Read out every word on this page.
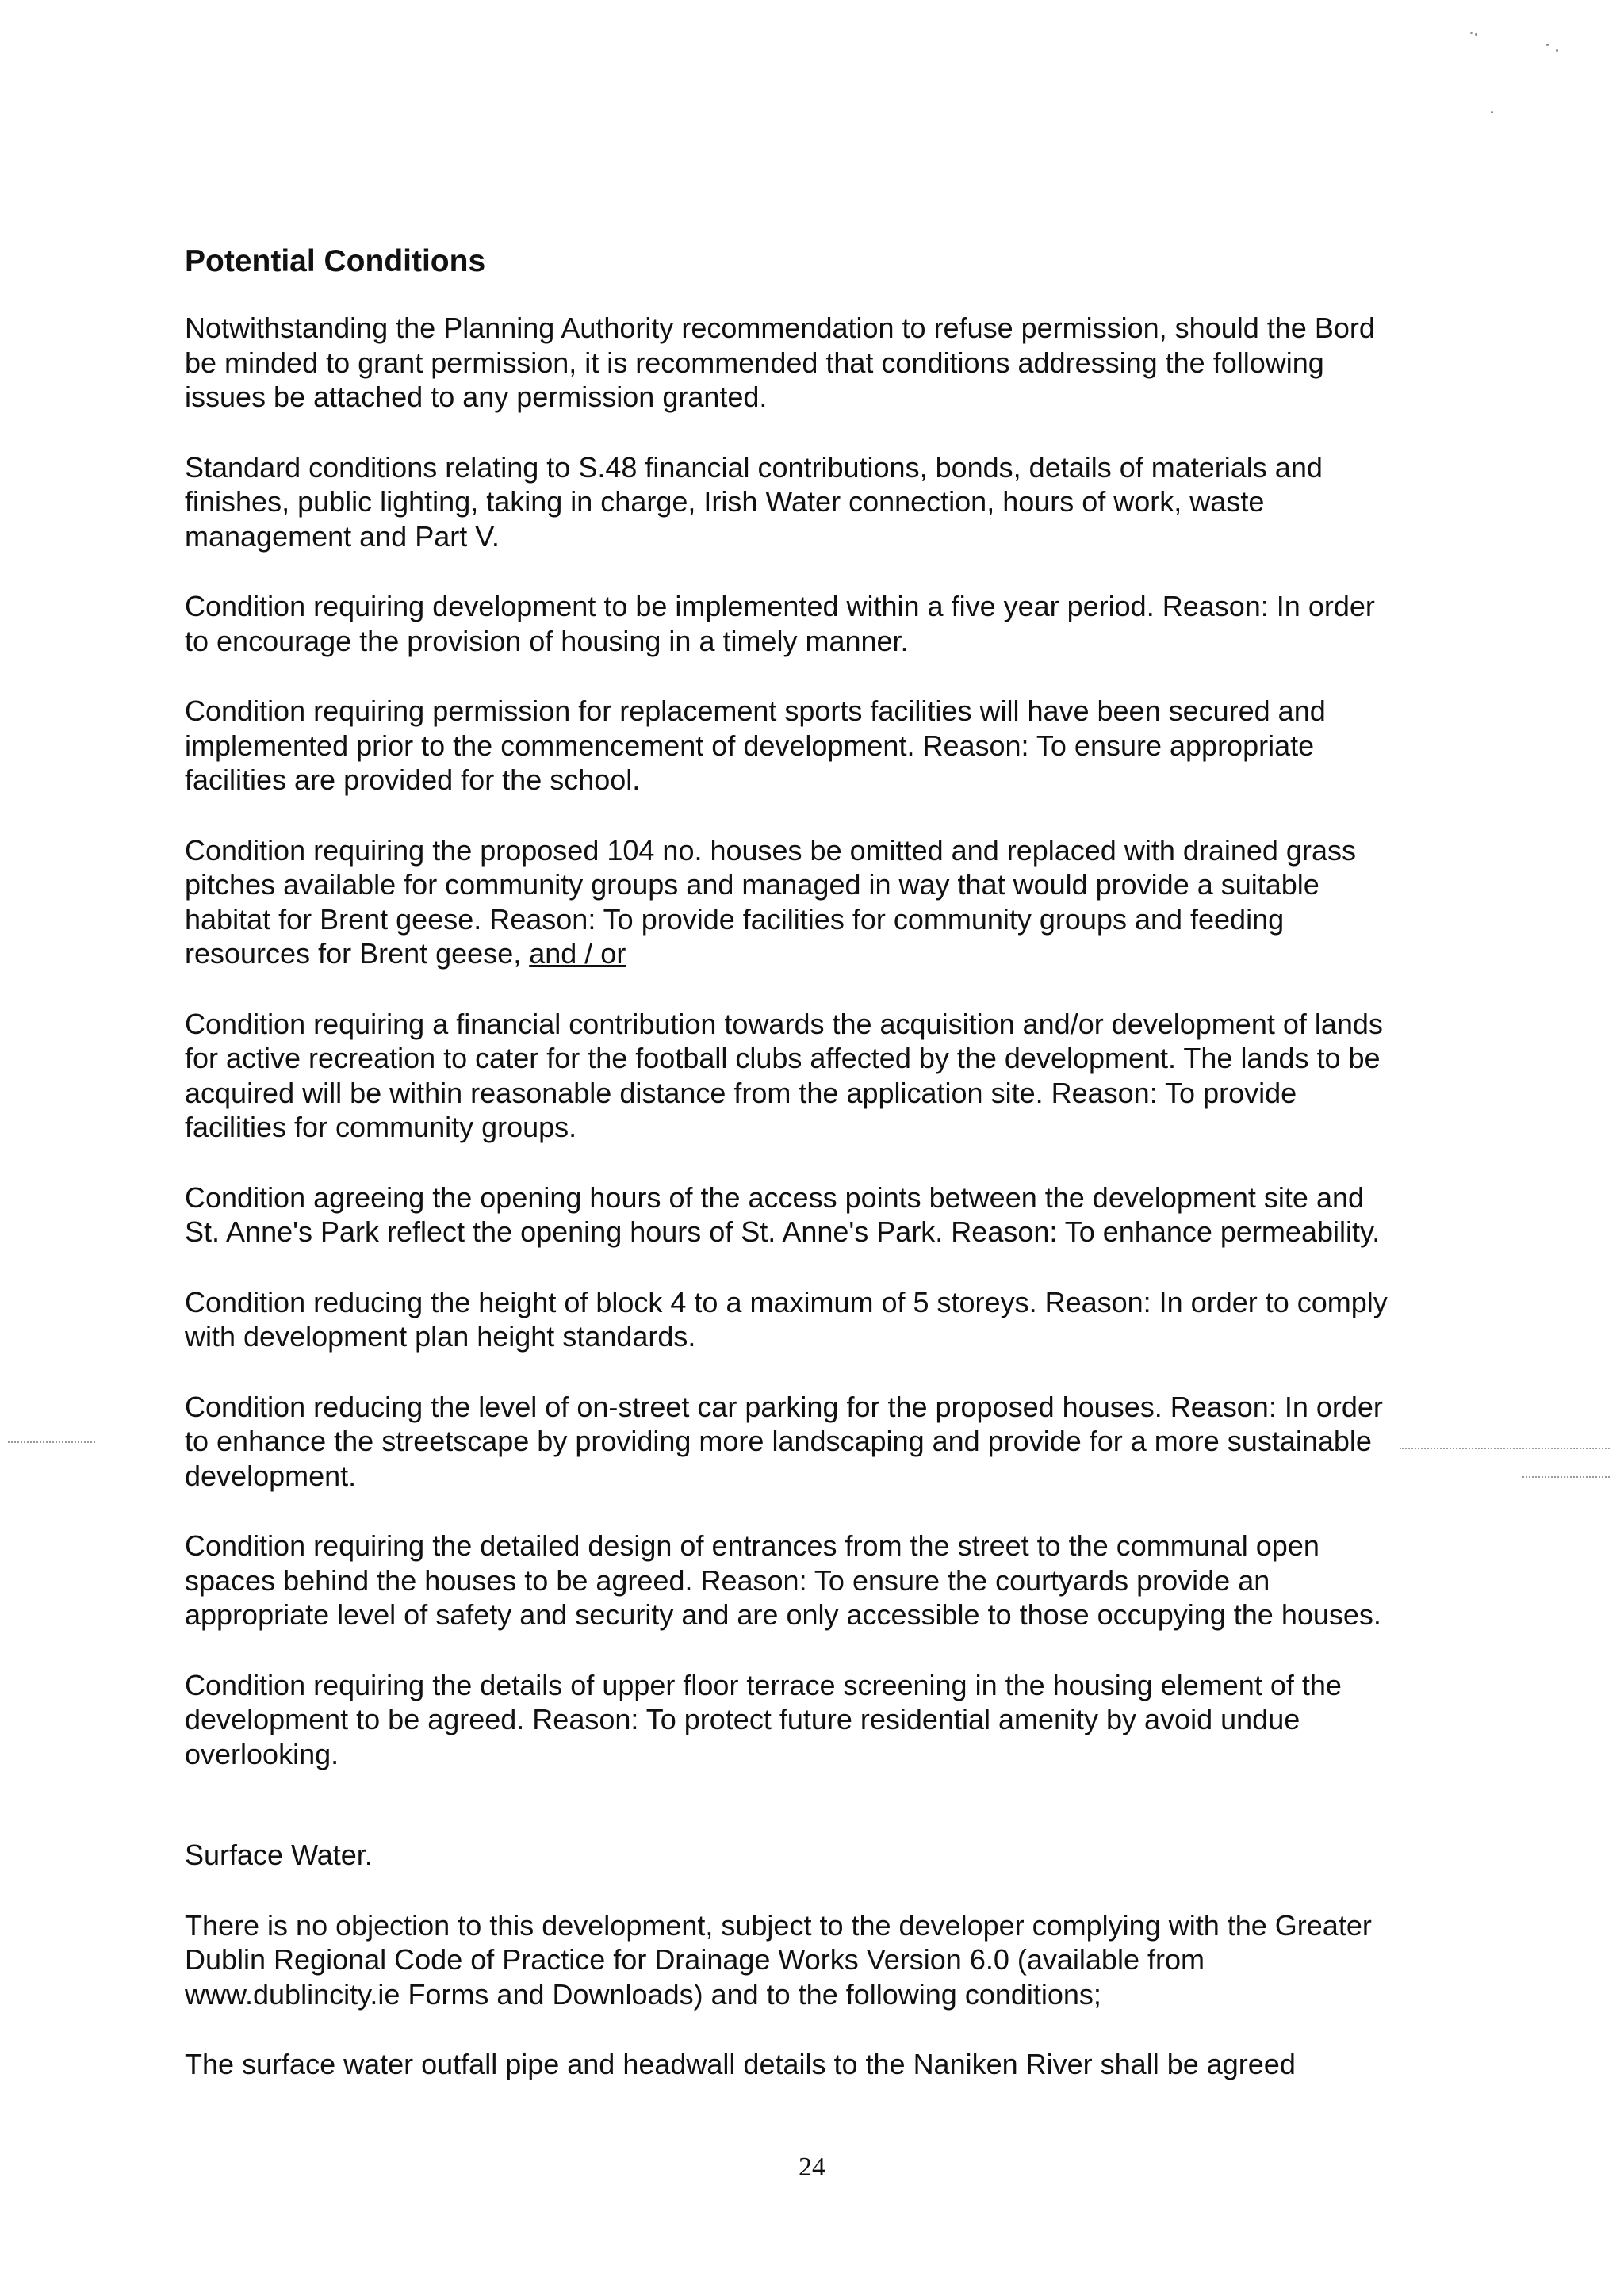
Potential Conditions

Notwithstanding the Planning Authority recommendation to refuse permission, should the Bord be minded to grant permission, it is recommended that conditions addressing the following issues be attached to any permission granted.

Standard conditions relating to S.48 financial contributions, bonds, details of materials and finishes, public lighting, taking in charge, Irish Water connection, hours of work, waste management and Part V.

Condition requiring development to be implemented within a five year period. Reason: In order to encourage the provision of housing in a timely manner.

Condition requiring permission for replacement sports facilities will have been secured and implemented prior to the commencement of development. Reason: To ensure appropriate facilities are provided for the school.

Condition requiring the proposed 104 no. houses be omitted and replaced with drained grass pitches available for community groups and managed in way that would provide a suitable habitat for Brent geese. Reason: To provide facilities for community groups and feeding resources for Brent geese, and / or

Condition requiring a financial contribution towards the acquisition and/or development of lands for active recreation to cater for the football clubs affected by the development. The lands to be acquired will be within reasonable distance from the application site. Reason: To provide facilities for community groups.

Condition agreeing the opening hours of the access points between the development site and St. Anne's Park reflect the opening hours of St. Anne's Park. Reason: To enhance permeability.

Condition reducing the height of block 4 to a maximum of 5 storeys. Reason: In order to comply with development plan height standards.

Condition reducing the level of on-street car parking for the proposed houses. Reason: In order to enhance the streetscape by providing more landscaping and provide for a more sustainable development.

Condition requiring the detailed design of entrances from the street to the communal open spaces behind the houses to be agreed. Reason: To ensure the courtyards provide an appropriate level of safety and security and are only accessible to those occupying the houses.

Condition requiring the details of upper floor terrace screening in the housing element of the development to be agreed. Reason: To protect future residential amenity by avoid undue overlooking.

Surface Water.

There is no objection to this development, subject to the developer complying with the Greater Dublin Regional Code of Practice for Drainage Works Version 6.0 (available from www.dublincity.ie Forms and Downloads) and to the following conditions;

The surface water outfall pipe and headwall details to the Naniken River shall be agreed

24
